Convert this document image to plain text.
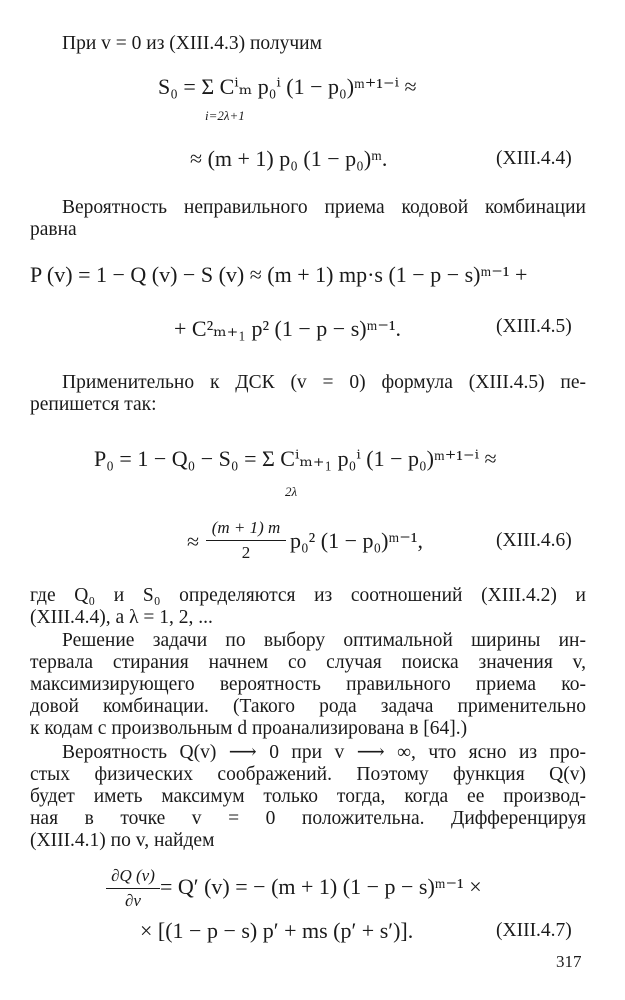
При v = 0 из (XIII.4.3) получим
S₀ = Σ Cⁱₘ p₀ⁱ (1 − p₀)ᵐ⁺¹⁻ⁱ ≈
i=2λ+1
≈ (m + 1) p₀ (1 − p₀)ᵐ.	(XIII.4.4)
Вероятность неправильного приема кодовой комбинации
равна
P (v) = 1 − Q (v) − S (v) ≈ (m + 1) mp·s (1 − p − s)ᵐ⁻¹ +
+ C²ₘ₊₁ p² (1 − p − s)ᵐ⁻¹.	(XIII.4.5)
Применительно к ДСК (v = 0) формула (XIII.4.5) пе-
репишется так:
P₀ = 1 − Q₀ − S₀ = Σ Cⁱₘ₊₁ p₀ⁱ (1 − p₀)ᵐ⁺¹⁻ⁱ ≈
2λ
≈
(m + 1) m
2	p₀² (1 − p₀)ᵐ⁻¹,	(XIII.4.6)
где Q₀ и S₀ определяются из соотношений (XIII.4.2) и
(XIII.4.4), а λ = 1, 2, ...
Решение задачи по выбору оптимальной ширины ин-
тервала стирания начнем со случая поиска значения v,
максимизирующего вероятность правильного приема ко-
довой комбинации. (Такого рода задача применительно
к кодам с произвольным d проанализирована в [64].)
Вероятность Q(v) ⟶ 0 при v ⟶ ∞, что ясно из про-
стых физических соображений. Поэтому функция Q(v)
будет иметь максимум только тогда, когда ее производ-
ная в точке v = 0 положительна. Дифференцируя
(XIII.4.1) по v, найдем
∂Q (v)
∂v
= Q′ (v) = − (m + 1) (1 − p − s)ᵐ⁻¹ ×
× [(1 − p − s) p′ + ms (p′ + s′)].	(XIII.4.7)
317
